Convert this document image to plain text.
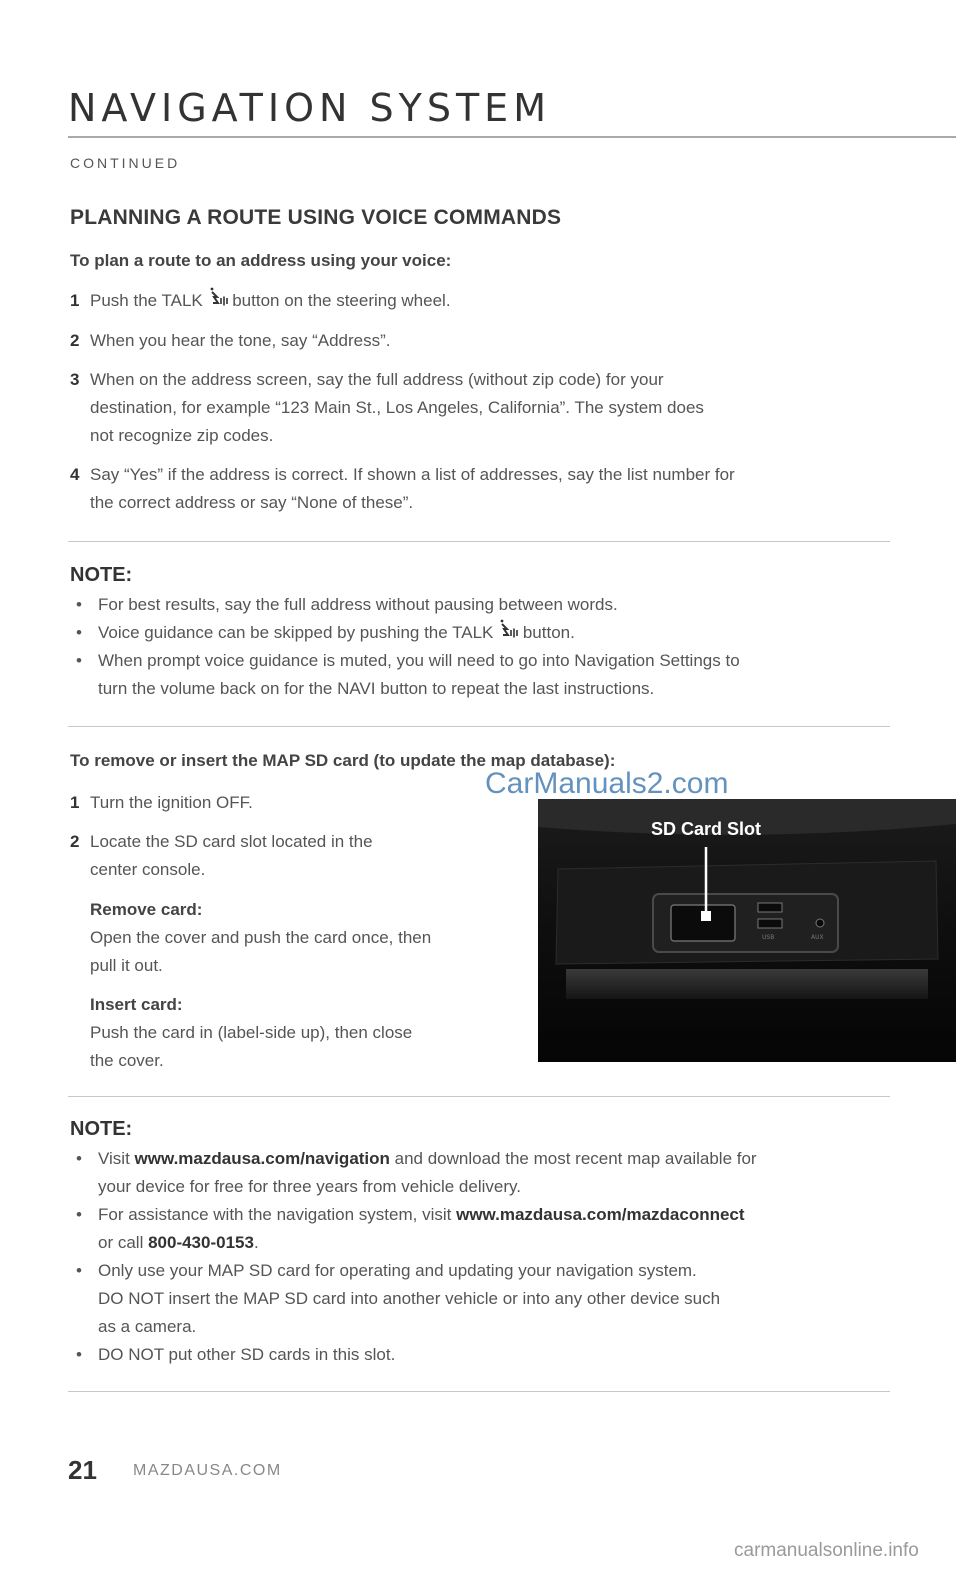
NAVIGATION SYSTEM
CONTINUED
PLANNING A ROUTE USING VOICE COMMANDS
To plan a route to an address using your voice:
1 Push the TALK  button on the steering wheel.
2 When you hear the tone, say “Address”.
3 When on the address screen, say the full address (without zip code) for your
destination, for example “123 Main St., Los Angeles, California”. The system does
not recognize zip codes.
4 Say “Yes” if the address is correct. If shown a list of addresses, say the list number for
the correct address or say “None of these”.
NOTE:
• For best results, say the full address without pausing between words.
• Voice guidance can be skipped by pushing the TALK  button.
• When prompt voice guidance is muted, you will need to go into Navigation Settings to
turn the volume back on for the NAVI button to repeat the last instructions.
To remove or insert the MAP SD card (to update the map database):
1 Turn the ignition OFF.
2 Locate the SD card slot located in the
center console.
Remove card:
Open the cover and push the card once, then
pull it out.
Insert card:
Push the card in (label-side up), then close
the cover.
USB	AUX
SD Card Slot
NOTE:
• Visit www.mazdausa.com/navigation and download the most recent map available for
your device for free for three years from vehicle delivery.
• For assistance with the navigation system, visit www.mazdausa.com/mazdaconnect
or call 800-430-0153.
• Only use your MAP SD card for operating and updating your navigation system.
DO NOT insert the MAP SD card into another vehicle or into any other device such
as a camera.
• DO NOT put other SD cards in this slot.
21 MAZDAUSA.COM
CarManuals2.com
carmanualsonline.info
